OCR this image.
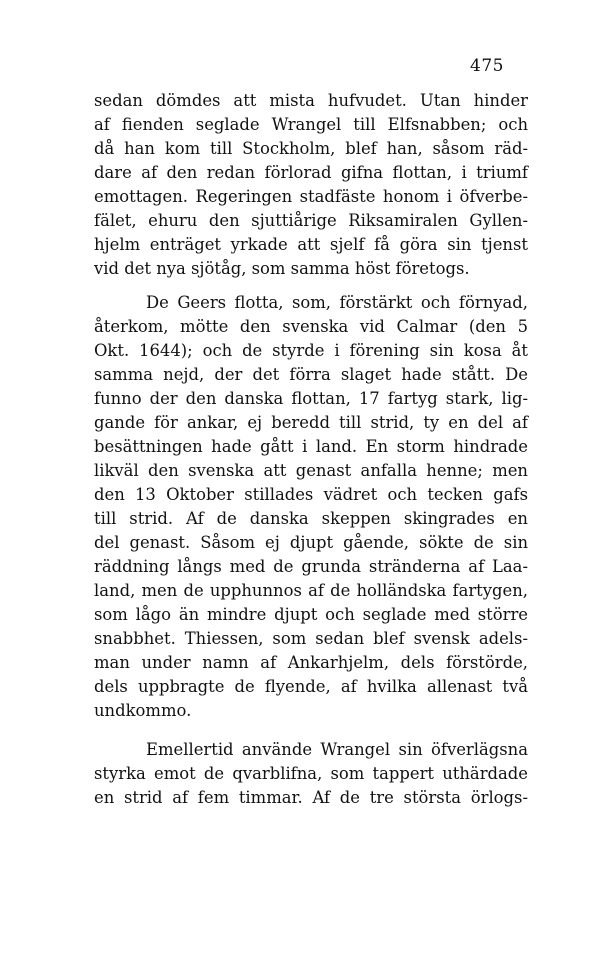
475
sedan dömdes att mista hufvudet. Utan hinder
af fienden seglade Wrangel till Elfsnabben; och
då han kom till Stockholm, blef han, såsom räd-
dare af den redan förlorad gifna flottan, i triumf
emottagen. Regeringen stadfäste honom i öfverbe-
fälet, ehuru den sjuttiårige Riksamiralen Gyllen-
hjelm enträget yrkade att sjelf få göra sin tjenst
vid det nya sjötåg, som samma höst företogs.
De Geers flotta, som, förstärkt och förnyad,
återkom, mötte den svenska vid Calmar (den 5
Okt. 1644); och de styrde i förening sin kosa åt
samma nejd, der det förra slaget hade stått. De
funno der den danska flottan, 17 fartyg stark, lig-
gande för ankar, ej beredd till strid, ty en del af
besättningen hade gått i land. En storm hindrade
likväl den svenska att genast anfalla henne; men
den 13 Oktober stillades vädret och tecken gafs
till strid. Af de danska skeppen skingrades en
del genast. Såsom ej djupt gående, sökte de sin
räddning långs med de grunda stränderna af Laa-
land, men de upphunnos af de holländska fartygen,
som lågo än mindre djupt och seglade med större
snabbhet. Thiessen, som sedan blef svensk adels-
man under namn af Ankarhjelm, dels förstörde,
dels uppbragte de flyende, af hvilka allenast två
undkommo.
Emellertid använde Wrangel sin öfverlägsna
styrka emot de qvarblifna, som tappert uthärdade
en strid af fem timmar. Af de tre största örlogs-
